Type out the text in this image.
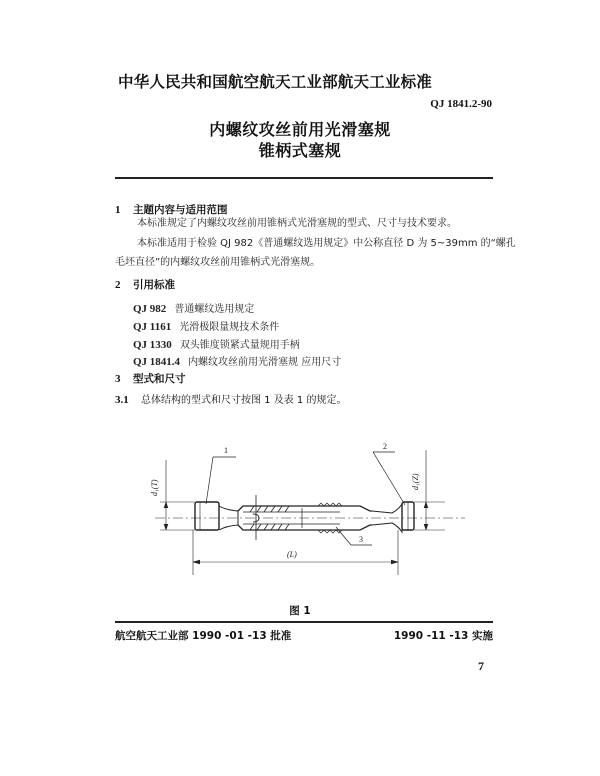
中华人民共和国航空航天工业部航天工业标准
QJ 1841.2-90
内螺纹攻丝前用光滑塞规
锥柄式塞规
1 主题内容与适用范围
本标准规定了内螺纹攻丝前用锥柄式光滑塞规的型式、尺寸与技术要求。
本标准适用于检验 QJ 982《普通螺纹选用规定》中公称直径 D 为 5~39mm 的“螺孔
毛坯直径”的内螺纹攻丝前用锥柄式光滑塞规。
2 引用标准
QJ 982 普通螺纹选用规定
QJ 1161 光滑极限量规技术条件
QJ 1330 双头锥度锁紧式量规用手柄
QJ 1841.4 内螺纹攻丝前用光滑塞规 应用尺寸
3 型式和尺寸
3.1 总体结构的型式和尺寸按图 1 及表 1 的规定。
1	2
3
d₁(T)	d₁(Z)
(L)
图 1
航空航天工业部 1990 -01 -13 批准	1990 -11 -13 实施
7
